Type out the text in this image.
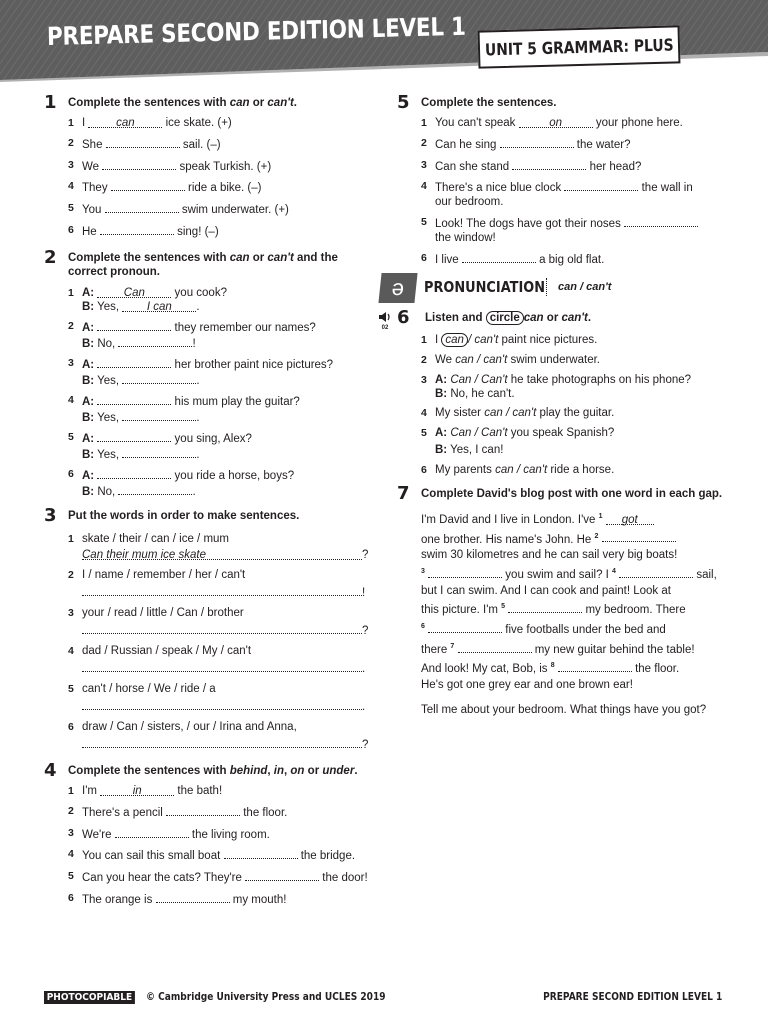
PREPARE SECOND EDITION LEVEL 1 UNIT 5 GRAMMAR: PLUS
1 Complete the sentences with can or can't.
1 I	can	ice skate. (+)
2 She	sail. (–)
3 We	speak Turkish. (+)
4 They	ride a bike. (–)
5 You	swim underwater. (+)
6 He	sing! (–)
2 Complete the sentences with can or can't and the correct pronoun.
1 A:	Can	you cook?
B: Yes, I can .
2 A:	they remember our names?
B: No,	!
3 A:	her brother paint nice pictures?
B: Yes,	.
4 A:	his mum play the guitar?
B: Yes,	.
5 A:	you sing, Alex?
B: Yes,	.
6 A:	you ride a horse, boys?
B: No,	.
3 Put the words in order to make sentences.
1 skate / their / can / ice / mum
Can their mum ice skate	?
2 I / name / remember / her / can't
!
3 your / read / little / Can / brother
?
4 dad / Russian / speak / My / can't
.
5 can't / horse / We / ride / a
.
6 draw / Can / sisters, / our / Irina and Anna,
?
4 Complete the sentences with behind, in, on or under.
1 I'm	in	the bath!
2 There's a pencil	the floor.
3 We're	the living room.
4 You can sail this small boat	the bridge.
5 Can you hear the cats? They're	the door!
6 The orange is	my mouth!
5 Complete the sentences.
1 You can't speak	on	your phone here.
2 Can he sing	the water?
3 Can she stand	her head?
4 There's a nice blue clock	the wall in
our bedroom.
5 Look! The dogs have got their noses
the window!
6 I live	a big old flat.
ə	PRONUNCIATION can / can't
02 6	Listen and circle can or can't.
1 I can / can't paint nice pictures.
2 We can / can't swim underwater.
3 A: Can / Can't he take photographs on his phone?
B: No, he can't.
4 My sister can / can't play the guitar.
5 A: Can / Can't you speak Spanish?
B: Yes, I can!
6 My parents can / can't ride a horse.
7 Complete David's blog post with one word in each gap.
I'm David and I live in London. I've $^1$ got
one brother. His name's John. He $^2$
swim 30 kilometres and he can sail very big boats!
$^3$	you swim and sail? I $^4$	sail,
but I can swim. And I can cook and paint! Look at
this picture. I'm $^5$	my bedroom. There
$^6$	five footballs under the bed and
there $^7$	my new guitar behind the table!
And look! My cat, Bob, is $^8$	the floor.
He's got one grey ear and one brown ear!
Tell me about your bedroom. What things have you got?
PHOTOCOPIABLE © Cambridge University Press and UCLES 2019	PREPARE SECOND EDITION LEVEL 1
